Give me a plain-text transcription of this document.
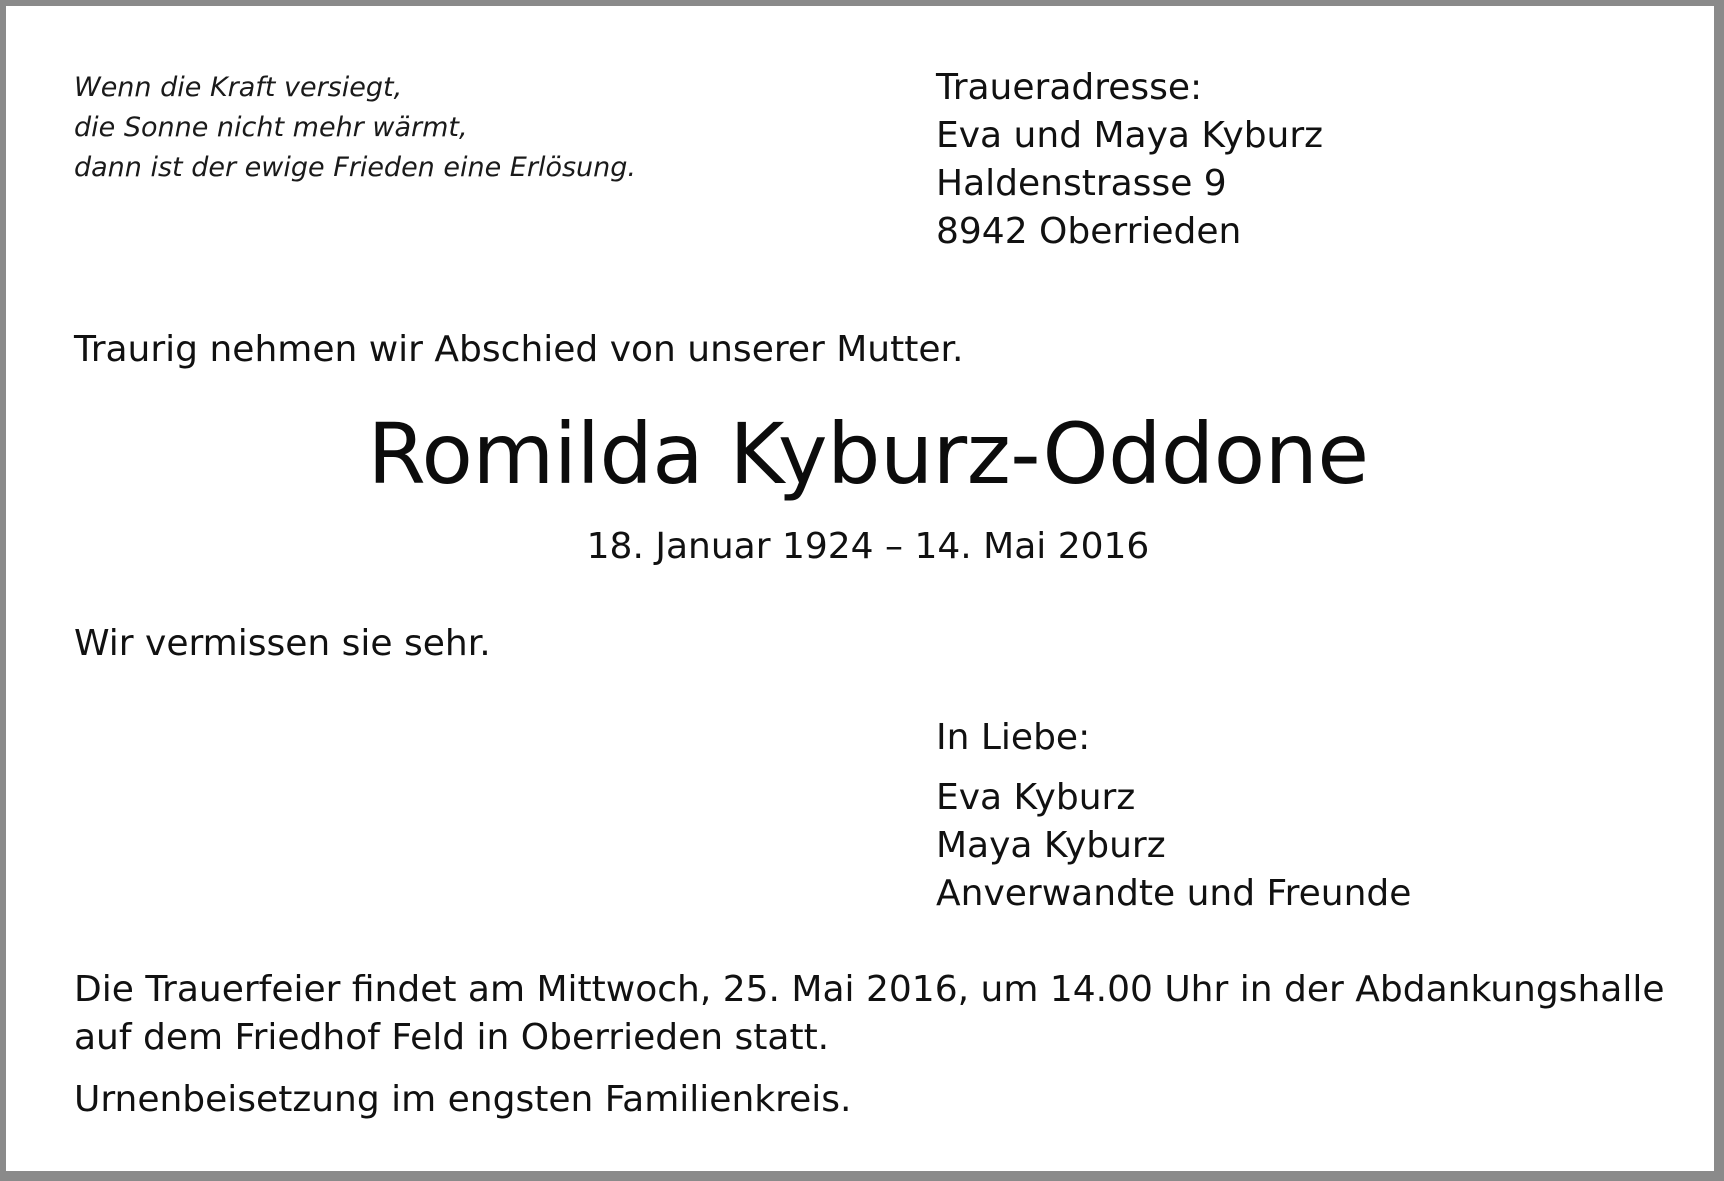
Wenn die Kraft versiegt,
die Sonne nicht mehr wärmt,
dann ist der ewige Frieden eine Erlösung.
Traueradresse:
Eva und Maya Kyburz
Haldenstrasse 9
8942 Oberrieden
Traurig nehmen wir Abschied von unserer Mutter.
Romilda Kyburz-Oddone
18. Januar 1924 – 14. Mai 2016
Wir vermissen sie sehr.
In Liebe:
Eva Kyburz
Maya Kyburz
Anverwandte und Freunde
Die Trauerfeier findet am Mittwoch, 25. Mai 2016, um 14.00 Uhr in der Abdankungshalle
auf dem Friedhof Feld in Oberrieden statt.
Urnenbeisetzung im engsten Familienkreis.
